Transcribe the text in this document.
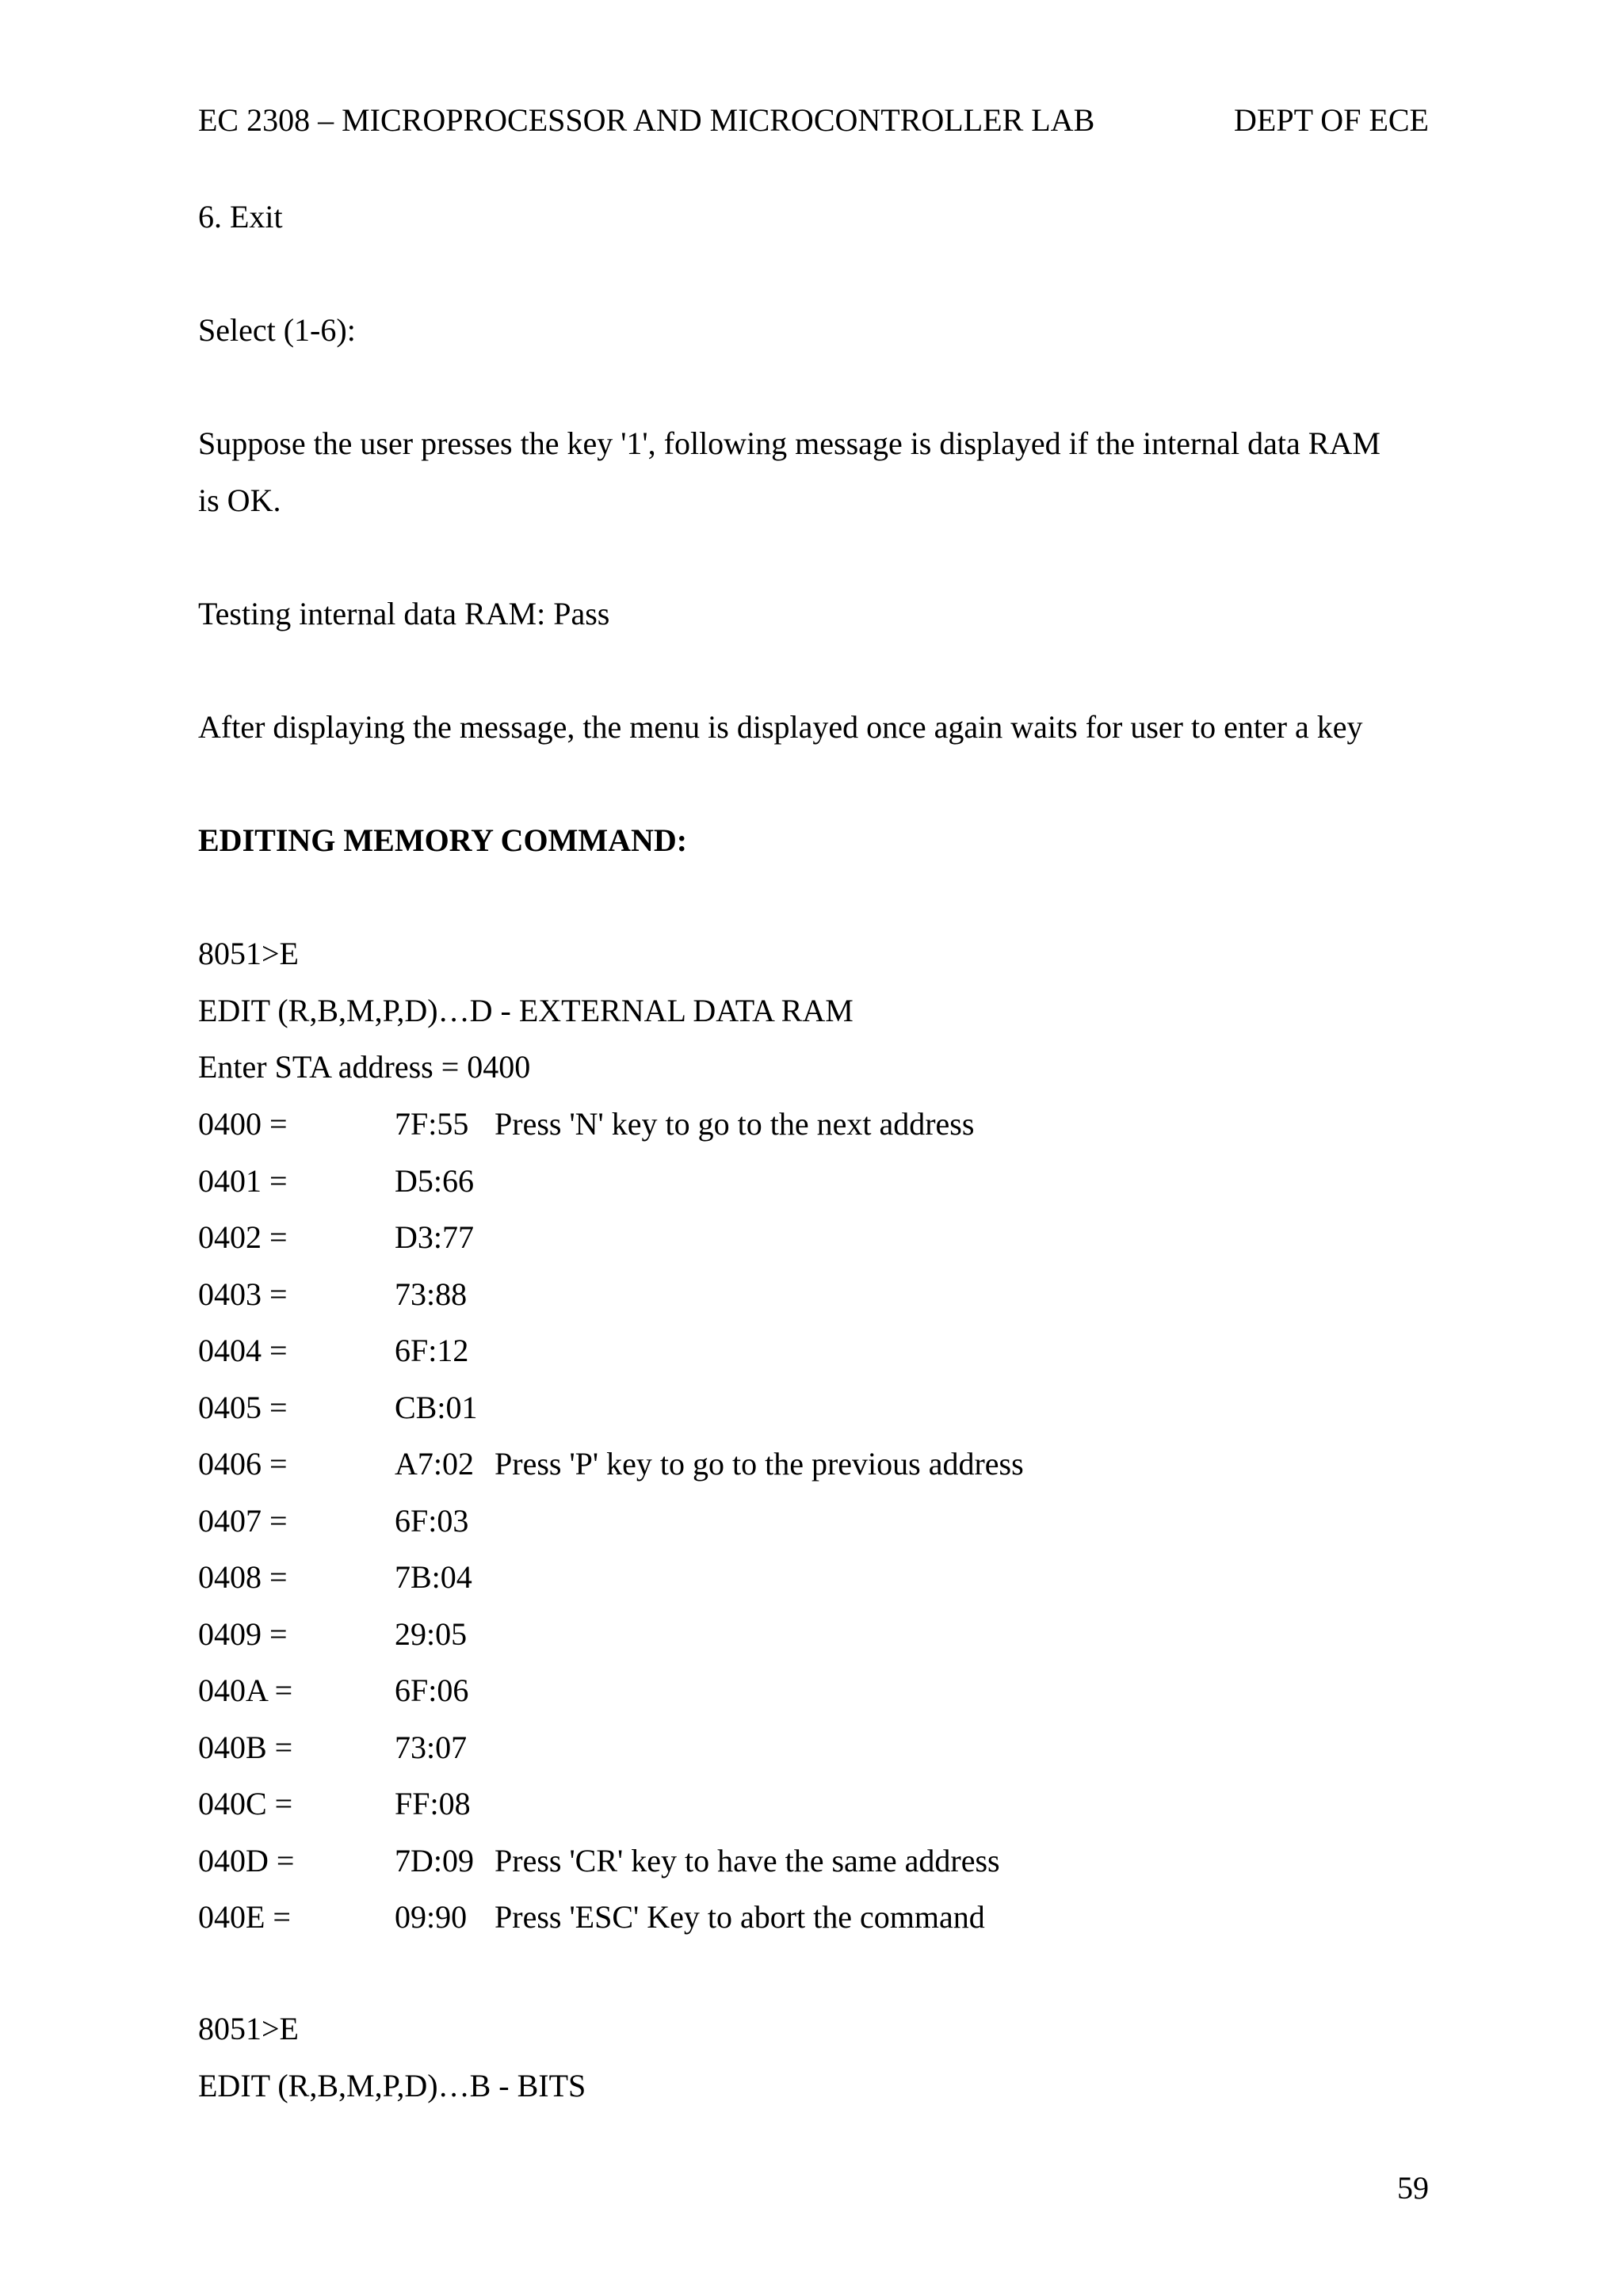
EC 2308 – MICROPROCESSOR AND MICROCONTROLLER LAB	DEPT OF ECE
6. Exit
Select (1-6):
Suppose the user presses the key '1', following message is displayed if the internal data RAM
is OK.
Testing internal data RAM: Pass
After displaying the message, the menu is displayed once again waits for user to enter a key
EDITING MEMORY COMMAND:
8051>E
EDIT (R,B,M,P,D)…D - EXTERNAL DATA RAM
Enter STA address = 0400
0400 =	7F:55 Press 'N' key to go to the next address
0401 =	D5:66
0402 =	D3:77
0403 =	73:88
0404 =	6F:12
0405 =	CB:01
0406 =	A7:02 Press 'P' key to go to the previous address
0407 =	6F:03
0408 =	7B:04
0409 =	29:05
040A =	6F:06
040B =	73:07
040C =	FF:08
040D =	7D:09 Press 'CR' key to have the same address
040E =	09:90 Press 'ESC' Key to abort the command
8051>E
EDIT (R,B,M,P,D)…B - BITS
59
